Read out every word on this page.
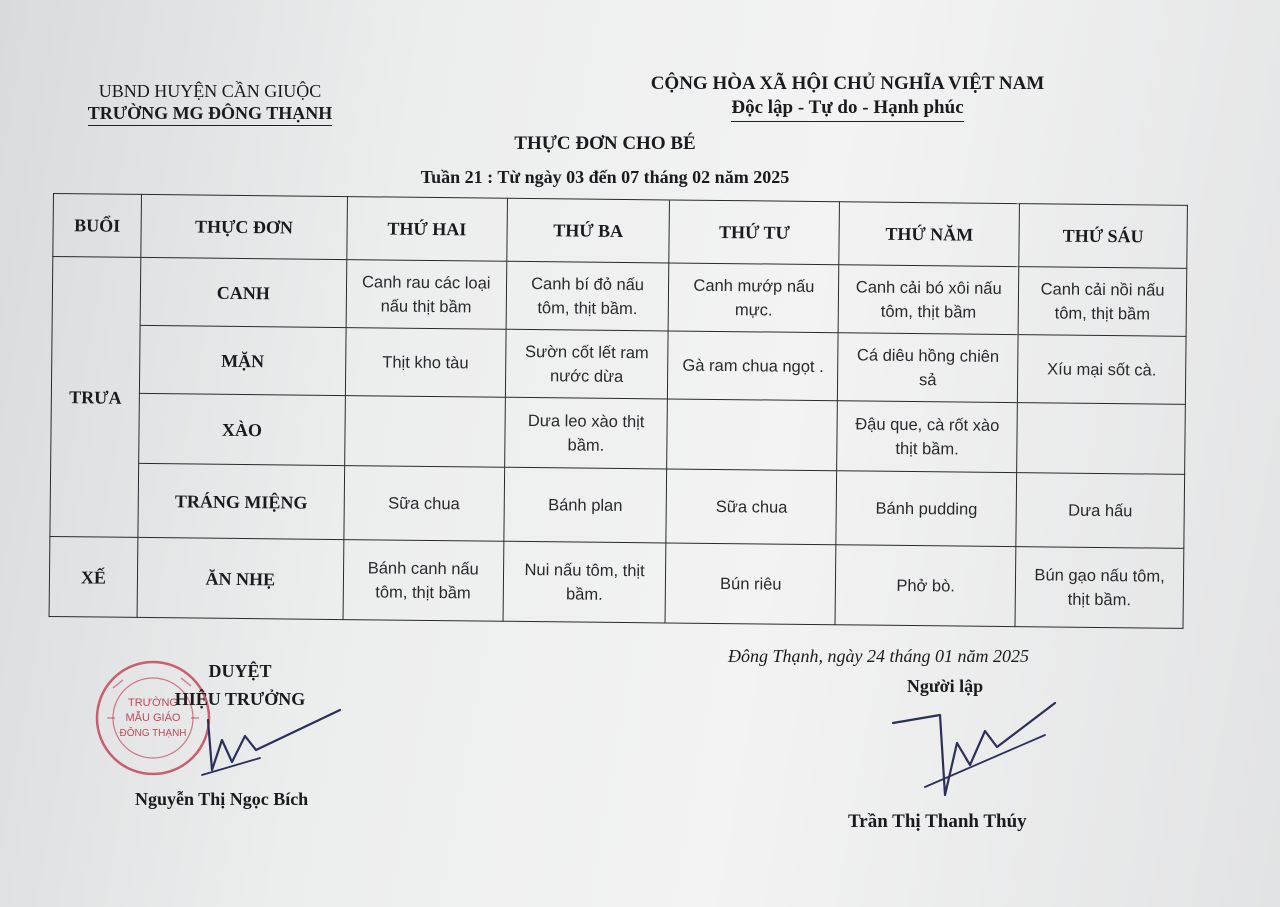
UBND HUYỆN CẦN GIUỘC
TRƯỜNG MG ĐÔNG THẠNH
CỘNG HÒA XÃ HỘI CHỦ NGHĨA VIỆT NAM
Độc lập - Tự do - Hạnh phúc
THỰC ĐƠN CHO BÉ
Tuần 21 : Từ ngày 03 đến 07 tháng 02 năm 2025
BUỔI	THỰC ĐƠN	THỨ HAI	THỨ BA	THỨ TƯ	THỨ NĂM	THỨ SÁU
TRƯA	CANH	Canh rau các loại nấu thịt bầm	Canh bí đỏ nấu tôm, thịt bầm.	Canh mướp nấu mực.	Canh cải bó xôi nấu tôm, thịt bầm	Canh cải nồi nấu tôm, thịt bầm
	MẶN	Thịt kho tàu	Sườn cốt lết ram nước dừa	Gà ram chua ngọt .	Cá diêu hồng chiên sả	Xíu mại sốt cà.
	XÀO		Dưa leo xào thịt bầm.		Đậu que, cà rốt xào thịt bầm.	
	TRÁNG MIỆNG	Sữa chua	Bánh plan	Sữa chua	Bánh pudding	Dưa hấu
XẾ	ĂN NHẸ	Bánh canh nấu tôm, thịt bầm	Nui nấu tôm, thịt bầm.	Bún riêu	Phở bò.	Bún gạo nấu tôm, thịt bầm.
Đông Thạnh, ngày 24 tháng 01 năm 2025
TRƯỜNG
MẪU GIÁO
ĐÔNG THẠNH
DUYỆT
HIỆU TRƯỞNG
Người lập
Nguyễn Thị Ngọc Bích
Trần Thị Thanh Thúy
